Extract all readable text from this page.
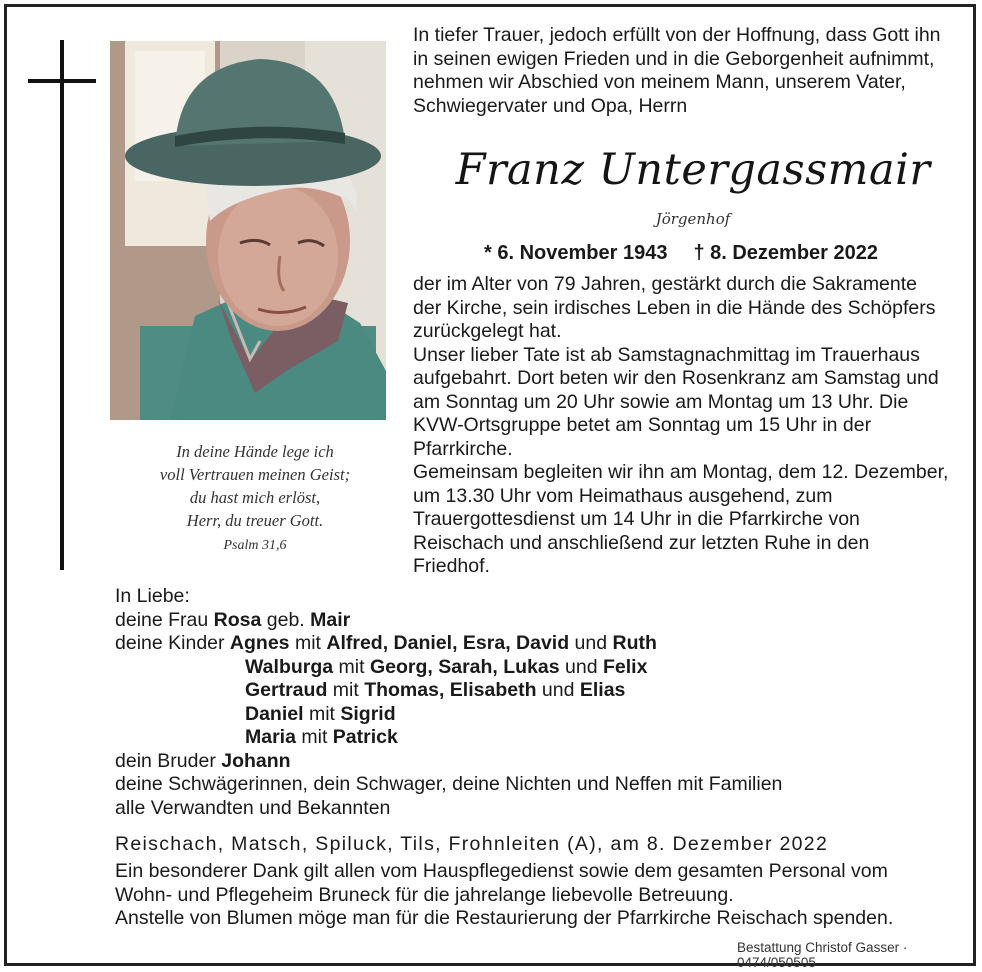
In deine Hände lege ich
voll Vertrauen meinen Geist;
du hast mich erlöst,
Herr, du treuer Gott.
Psalm 31,6
In tiefer Trauer, jedoch erfüllt von der Hoffnung, dass Gott ihn in seinen ewigen Frieden und in die Geborgenheit aufnimmt, nehmen wir Abschied von meinem Mann, unserem Vater, Schwiegervater und Opa, Herrn
Franz Untergassmair
Jörgenhof
* 6. November 1943 † 8. Dezember 2022

der im Alter von 79 Jahren, gestärkt durch die Sakramente der Kirche, sein irdisches Leben in die Hände des Schöpfers zurückgelegt hat.

Unser lieber Tate ist ab Samstagnachmittag im Trauerhaus aufgebahrt. Dort beten wir den Rosenkranz am Samstag und am Sonntag um 20 Uhr sowie am Montag um 13 Uhr. Die KVW-Ortsgruppe betet am Sonntag um 15 Uhr in der Pfarrkirche.

Gemeinsam begleiten wir ihn am Montag, dem 12. Dezember, um 13.30 Uhr vom Heimathaus ausgehend, zum Trauergottesdienst um 14 Uhr in die Pfarrkirche von Reischach und anschließend zur letzten Ruhe in den Friedhof.

In Liebe:

deine Frau Rosa geb. Mair

deine Kinder Agnes mit Alfred, Daniel, Esra, David und Ruth

Walburga mit Georg, Sarah, Lukas und Felix

Gertraud mit Thomas, Elisabeth und Elias

Daniel mit Sigrid

Maria mit Patrick

dein Bruder Johann

deine Schwägerinnen, dein Schwager, deine Nichten und Neffen mit Familien

alle Verwandten und Bekannten

Reischach, Matsch, Spiluck, Tils, Frohnleiten (A), am 8. Dezember 2022

Ein besonderer Dank gilt allen vom Hauspflegedienst sowie dem gesamten Personal vom Wohn- und Pflegeheim Bruneck für die jahrelange liebevolle Betreuung.

Anstelle von Blumen möge man für die Restaurierung der Pfarrkirche Reischach spenden.

Bestattung Christof Gasser · 0474/050505
